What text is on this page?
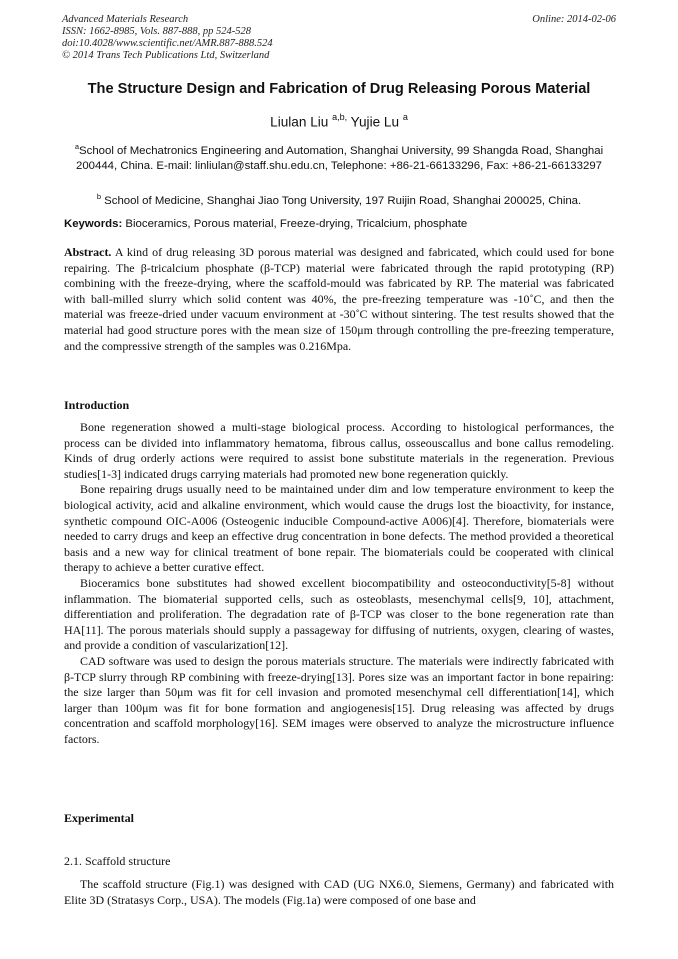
Advanced Materials Research
ISSN: 1662-8985, Vols. 887-888, pp 524-528
doi:10.4028/www.scientific.net/AMR.887-888.524
© 2014 Trans Tech Publications Ltd, Switzerland
Online: 2014-02-06
The Structure Design and Fabrication of Drug Releasing Porous Material
Liulan Liu $^{a,b,}$ Yujie Lu $^a$
$^a$School of Mechatronics Engineering and Automation, Shanghai University, 99 Shangda Road, Shanghai 200444, China. E-mail: linliulan@staff.shu.edu.cn, Telephone: +86-21-66133296, Fax: +86-21-66133297
$^b$ School of Medicine, Shanghai Jiao Tong University, 197 Ruijin Road, Shanghai 200025, China.
Keywords: Bioceramics, Porous material, Freeze-drying, Tricalcium, phosphate

Abstract. A kind of drug releasing 3D porous material was designed and fabricated, which could used for bone repairing. The β-tricalcium phosphate (β-TCP) material were fabricated through the rapid prototyping (RP) combining with the freeze-drying, where the scaffold-mould was fabricated by RP. The material was fabricated with ball-milled slurry which solid content was 40%, the pre-freezing temperature was -10˚C, and then the material was freeze-dried under vacuum environment at -30˚C without sintering. The test results showed that the material had good structure pores with the mean size of 150μm through controlling the pre-freezing temperature, and the compressive strength of the samples was 0.216Mpa.

Introduction

Bone regeneration showed a multi-stage biological process. According to histological performances, the process can be divided into inflammatory hematoma, fibrous callus, osseouscallus and bone callus remodeling. Kinds of drug orderly actions were required to assist bone substitute materials in the regeneration. Previous studies[1-3] indicated drugs carrying materials had promoted new bone regeneration quickly.

Bone repairing drugs usually need to be maintained under dim and low temperature environment to keep the biological activity, acid and alkaline environment, which would cause the drugs lost the bioactivity, for instance, synthetic compound OIC-A006 (Osteogenic inducible Compound-active A006)[4]. Therefore, biomaterials were needed to carry drugs and keep an effective drug concentration in bone defects. The method provided a theoretical basis and a new way for clinical treatment of bone repair. The biomaterials could be cooperated with clinical therapy to achieve a better curative effect.

Bioceramics bone substitutes had showed excellent biocompatibility and osteoconductivity[5-8] without inflammation. The biomaterial supported cells, such as osteoblasts, mesenchymal cells[9, 10], attachment, differentiation and proliferation. The degradation rate of β-TCP was closer to the bone regeneration rate than HA[11]. The porous materials should supply a passageway for diffusing of nutrients, oxygen, clearing of wastes, and provide a condition of vascularization[12].

CAD software was used to design the porous materials structure. The materials were indirectly fabricated with β-TCP slurry through RP combining with freeze-drying[13]. Pores size was an important factor in bone repairing: the size larger than 50μm was fit for cell invasion and promoted mesenchymal cell differentiation[14], which larger than 100μm was fit for bone formation and angiogenesis[15]. Drug releasing was affected by drugs concentration and scaffold morphology[16]. SEM images were observed to analyze the microstructure influence factors.

Experimental
2.1. Scaffold structure

The scaffold structure (Fig.1) was designed with CAD (UG NX6.0, Siemens, Germany) and fabricated with Elite 3D (Stratasys Corp., USA). The models (Fig.1a) were composed of one base and
